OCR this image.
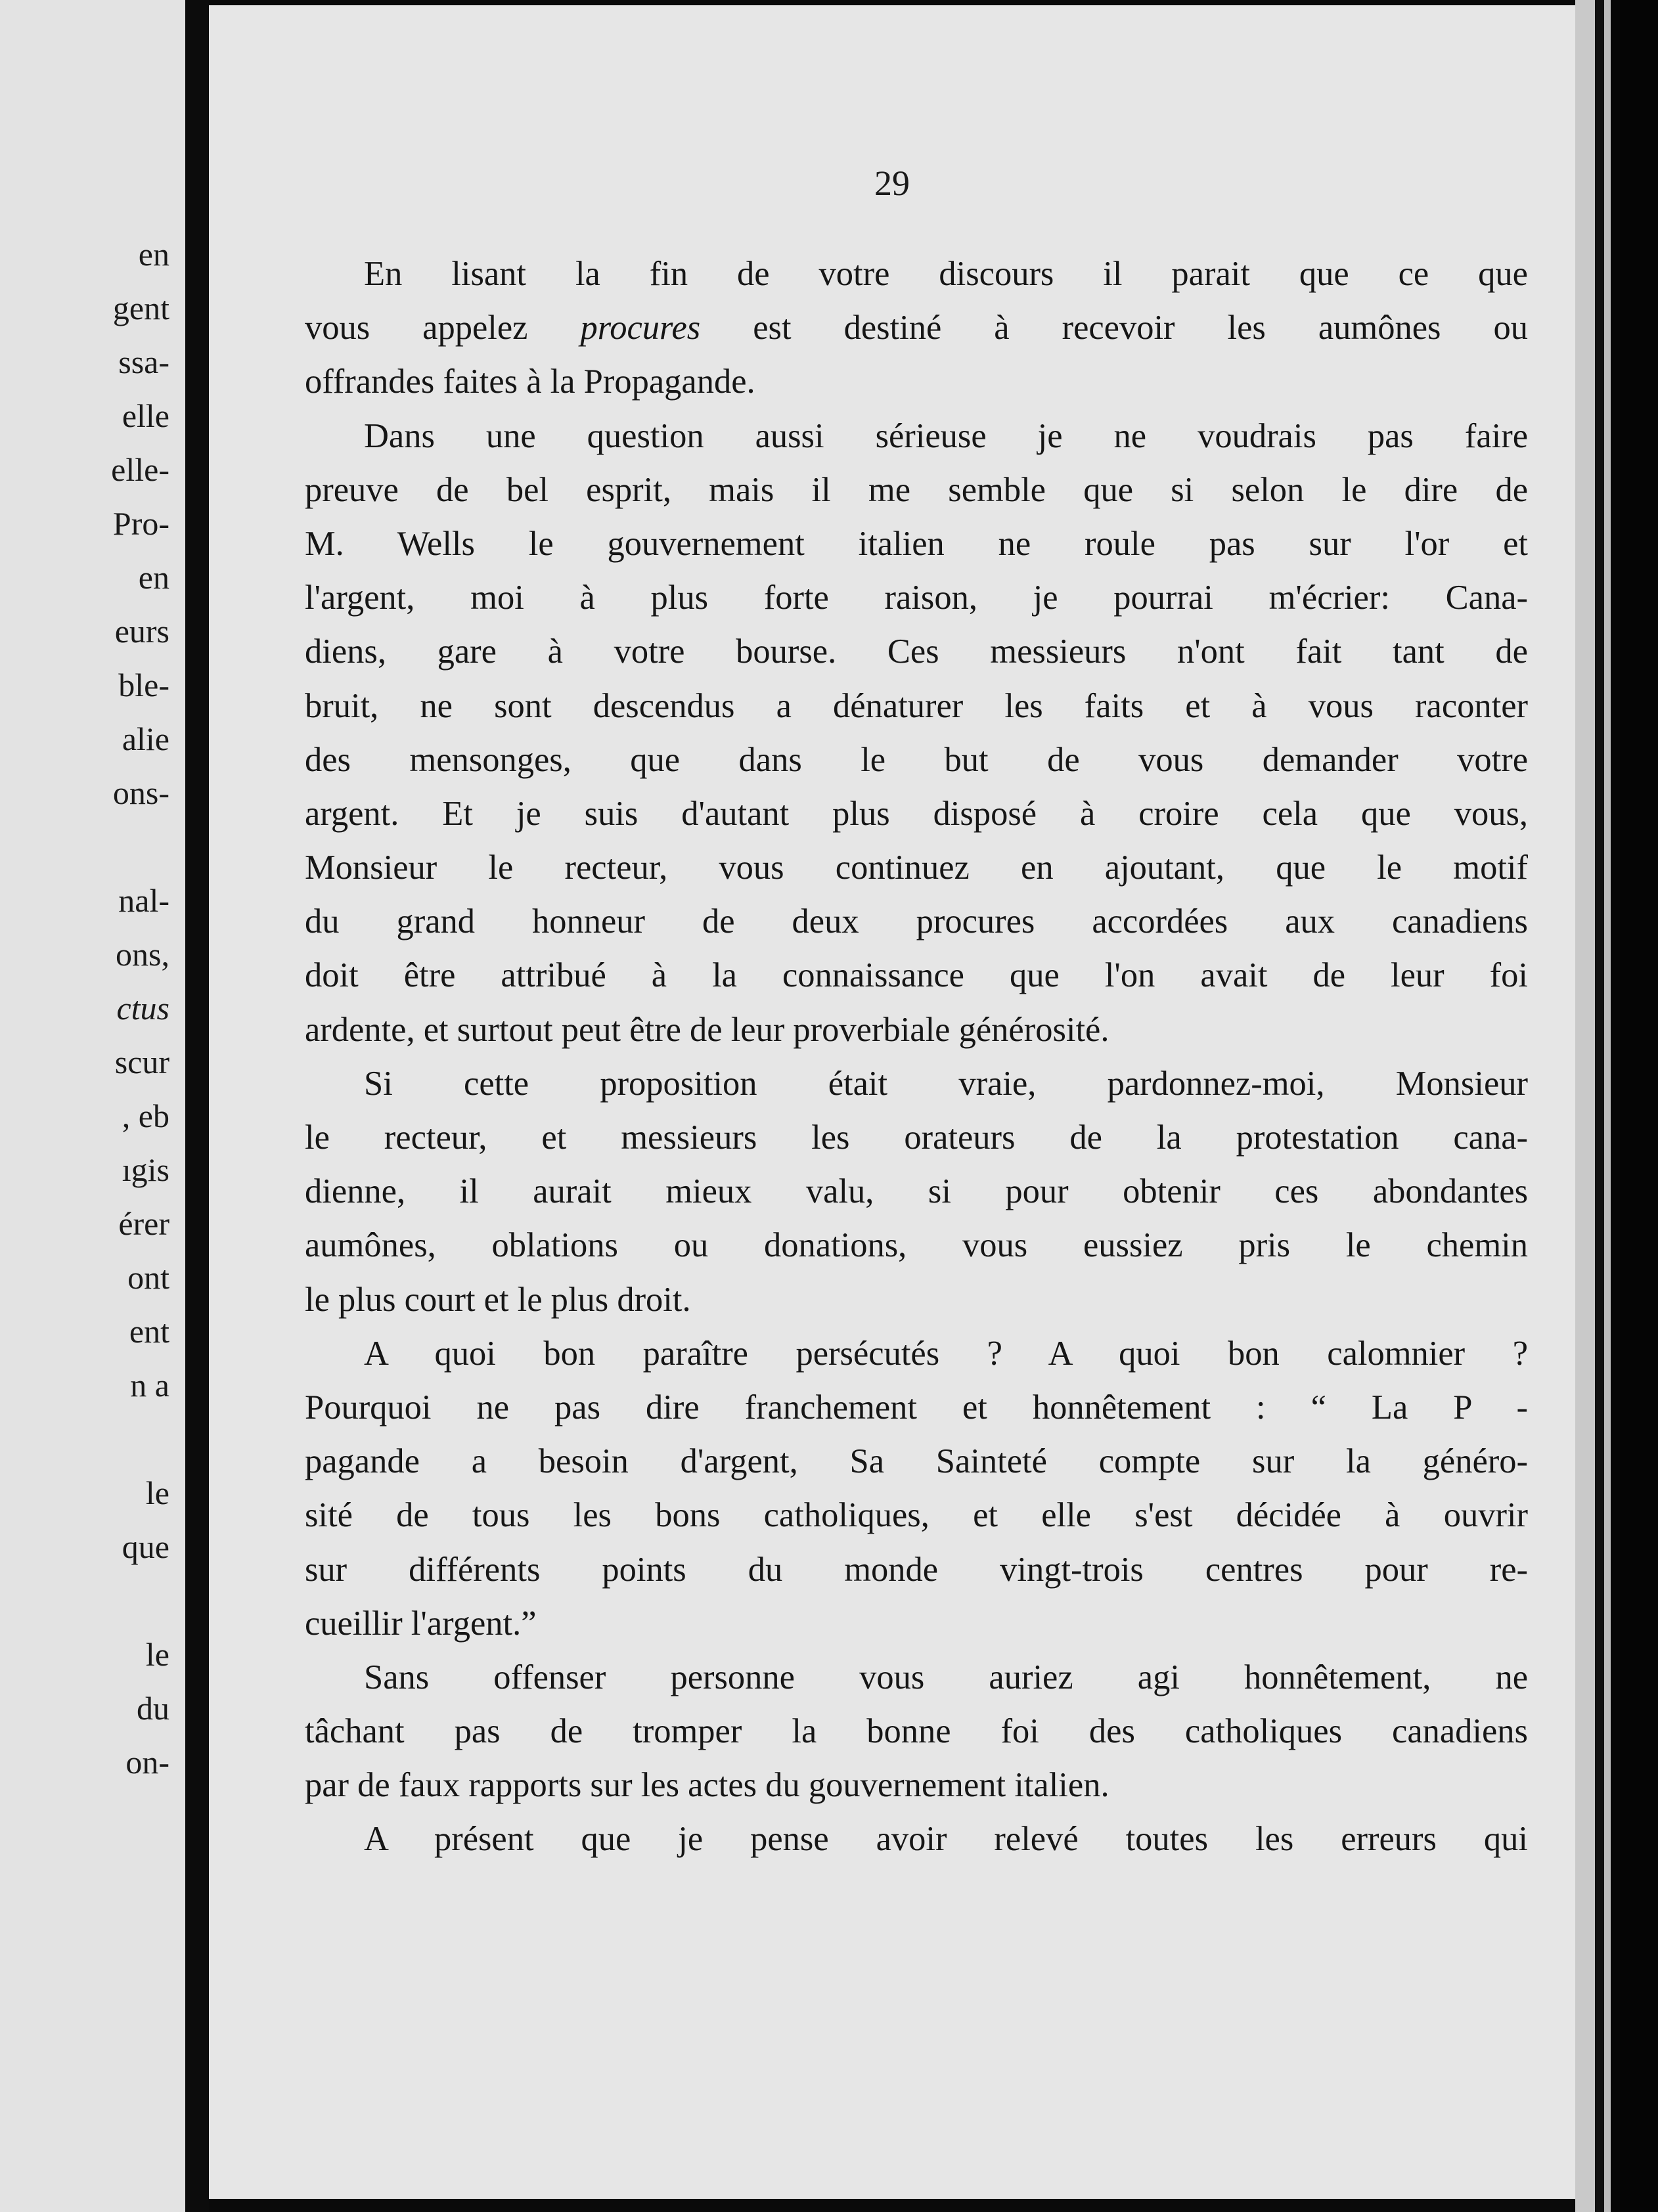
en
gent
ssa-
elle
elle-
Pro-
en
eurs
ble-
alie
ons-
nal-
ons,
ctus
scur
, eb
ıgis
érer
ont
ent
n a
le
que
le
du
on-
29
En lisant la fin de votre discours il parait que ce que
vous appelez procures est destiné à recevoir les aumônes ou
offrandes faites à la Propagande.
Dans une question aussi sérieuse je ne voudrais pas faire
preuve de bel esprit, mais il me semble que si selon le dire de
M. Wells le gouvernement italien ne roule pas sur l'or et
l'argent, moi à plus forte raison, je pourrai m'écrier: Cana-
diens, gare à votre bourse. Ces messieurs n'ont fait tant de
bruit, ne sont descendus a dénaturer les faits et à vous raconter
des mensonges, que dans le but de vous demander votre
argent. Et je suis d'autant plus disposé à croire cela que vous,
Monsieur le recteur, vous continuez en ajoutant, que le motif
du grand honneur de deux procures accordées aux canadiens
doit être attribué à la connaissance que l'on avait de leur foi
ardente, et surtout peut être de leur proverbiale générosité.
Si cette proposition était vraie, pardonnez-moi, Monsieur
le recteur, et messieurs les orateurs de la protestation cana-
dienne, il aurait mieux valu, si pour obtenir ces abondantes
aumônes, oblations ou donations, vous eussiez pris le chemin
le plus court et le plus droit.
A quoi bon paraître persécutés ? A quoi bon calomnier ?
Pourquoi ne pas dire franchement et honnêtement : “ La P -
pagande a besoin d'argent, Sa Sainteté compte sur la généro-
sité de tous les bons catholiques, et elle s'est décidée à ouvrir
sur différents points du monde vingt-trois centres pour re-
cueillir l'argent.”
Sans offenser personne vous auriez agi honnêtement, ne
tâchant pas de tromper la bonne foi des catholiques canadiens
par de faux rapports sur les actes du gouvernement italien.
A présent que je pense avoir relevé toutes les erreurs qui
